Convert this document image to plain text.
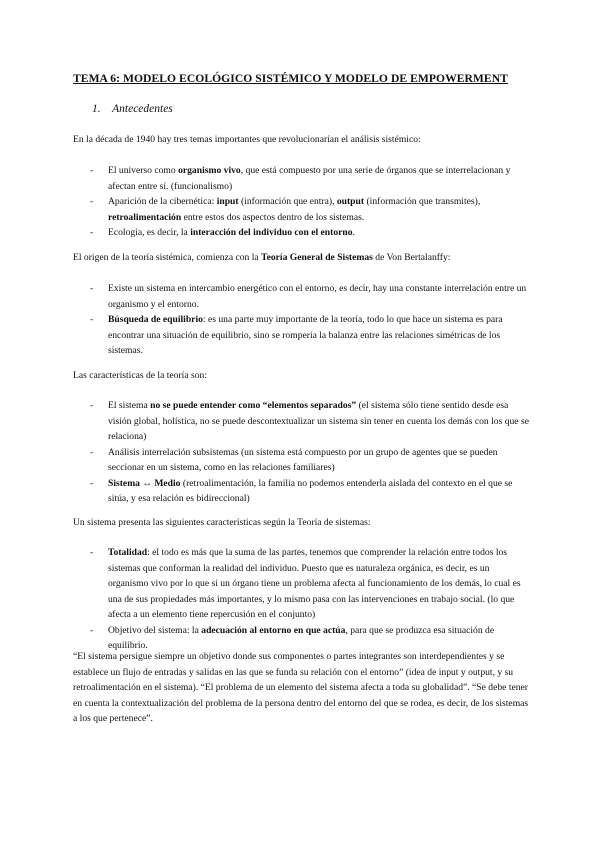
TEMA 6: MODELO ECOLÓGICO SISTÉMICO Y MODELO DE EMPOWERMENT
1. Antecedentes

En la década de 1940 hay tres temas importantes que revolucionarían el análisis sistémico:

- El universo como organismo vivo, que está compuesto por una serie de órganos que se interrelacionan y afectan entre sí. (funcionalismo)
- Aparición de la cibernética: input (información que entra), output (información que transmites), retroalimentación entre estos dos aspectos dentro de los sistemas.
- Ecología, es decir, la interacción del individuo con el entorno.

El origen de la teoría sistémica, comienza con la Teoría General de Sistemas de Von Bertalanffy:

- Existe un sistema en intercambio energético con el entorno, es decir, hay una constante interrelación entre un organismo y el entorno.
- Búsqueda de equilibrio: es una parte muy importante de la teoría, todo lo que hace un sistema es para encontrar una situación de equilibrio, sino se rompería la balanza entre las relaciones simétricas de los sistemas.

Las características de la teoría son:

- El sistema no se puede entender como “elementos separados” (el sistema sólo tiene sentido desde esa visión global, holística, no se puede descontextualizar un sistema sin tener en cuenta los demás con los que se relaciona)
- Análisis interrelación subsistemas (un sistema está compuesto por un grupo de agentes que se pueden seccionar en un sistema, como en las relaciones familiares)
- Sistema ↔ Medio (retroalimentación, la familia no podemos entenderla aislada del contexto en el que se sitúa, y esa relación es bidireccional)

Un sistema presenta las siguientes características según la Teoría de sistemas:

- Totalidad: el todo es más que la suma de las partes, tenemos que comprender la relación entre todos los sistemas que conforman la realidad del individuo. Puesto que es naturaleza orgánica, es decir, es un organismo vivo por lo que si un órgano tiene un problema afecta al funcionamiento de los demás, lo cual es una de sus propiedades más importantes, y lo mismo pasa con las intervenciones en trabajo social. (lo que afecta a un elemento tiene repercusión en el conjunto)
- Objetivo del sistema: la adecuación al entorno en que actúa, para que se produzca esa situación de equilibrio.

“El sistema persigue siempre un objetivo donde sus componentes o partes integrantes son interdependientes y se establece un flujo de entradas y salidas en las que se funda su relación con el entorno” (idea de input y output, y su retroalimentación en el sistema). “El problema de un elemento del sistema afecta a toda su globalidad”. “Se debe tener en cuenta la contextualización del problema de la persona dentro del entorno del que se rodea, es decir, de los sistemas a los que pertenece”.
